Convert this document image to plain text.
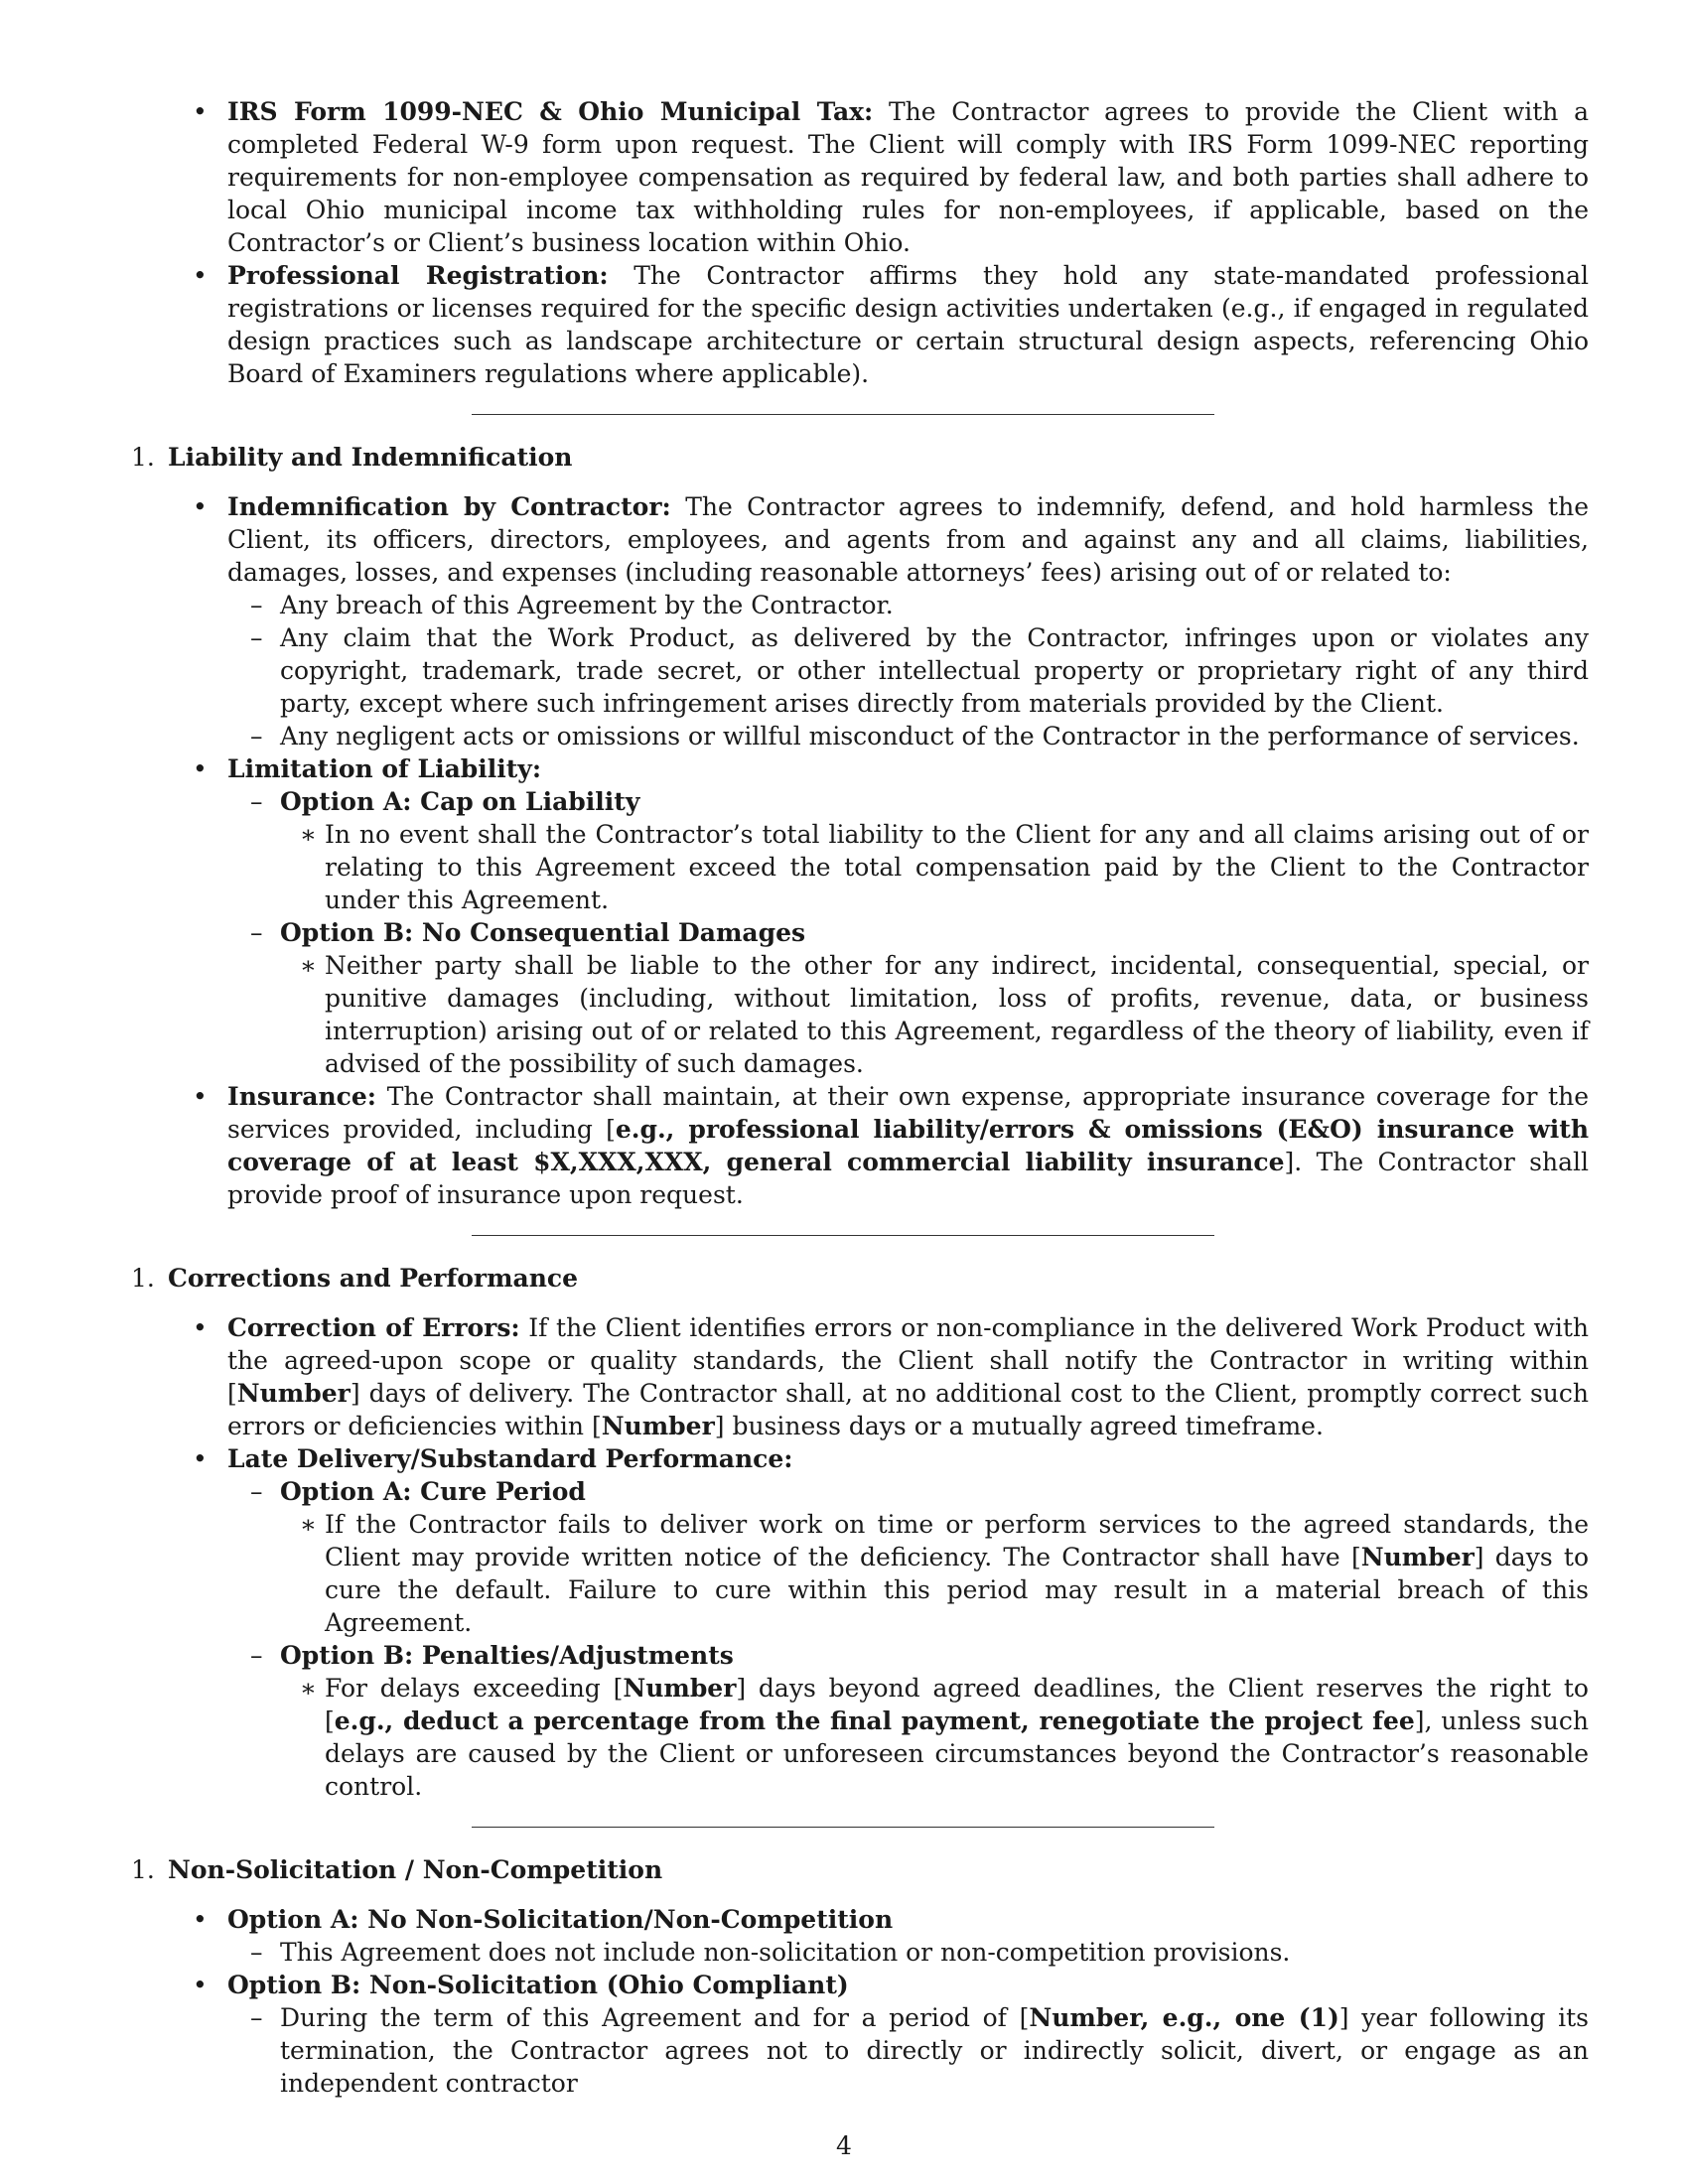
• IRS Form 1099-NEC & Ohio Municipal Tax: The Contractor agrees to provide the Client with a completed Federal W-9 form upon request. The Client will comply with IRS Form 1099-NEC reporting requirements for non-employee compensation as required by federal law, and both parties shall adhere to local Ohio municipal income tax withholding rules for non-employees, if applicable, based on the Contractor’s or Client’s business location within Ohio.
• Professional Registration: The Contractor affirms they hold any state-mandated professional registrations or licenses required for the specific design activities undertaken (e.g., if engaged in regulated design practices such as landscape architecture or certain structural design aspects, referencing Ohio Board of Examiners regulations where applicable).

1. Liability and Indemnification

• Indemnification by Contractor: The Contractor agrees to indemnify, defend, and hold harmless the Client, its officers, directors, employees, and agents from and against any and all claims, liabilities, damages, losses, and expenses (including reasonable attorneys’ fees) arising out of or related to:
– Any breach of this Agreement by the Contractor.
– Any claim that the Work Product, as delivered by the Contractor, infringes upon or violates any copyright, trademark, trade secret, or other intellectual property or proprietary right of any third party, except where such infringement arises directly from materials provided by the Client.
– Any negligent acts or omissions or willful misconduct of the Contractor in the performance of services.
• Limitation of Liability:
– Option A: Cap on Liability
∗ In no event shall the Contractor’s total liability to the Client for any and all claims arising out of or relating to this Agreement exceed the total compensation paid by the Client to the Contractor under this Agreement.
– Option B: No Consequential Damages
∗ Neither party shall be liable to the other for any indirect, incidental, consequential, special, or punitive damages (including, without limitation, loss of profits, revenue, data, or business interruption) arising out of or related to this Agreement, regardless of the theory of liability, even if advised of the possibility of such damages.
• Insurance: The Contractor shall maintain, at their own expense, appropriate insurance coverage for the services provided, including [e.g., professional liability/errors & omissions (E&O) insurance with coverage of at least $X,XXX,XXX, general commercial liability insurance]. The Contractor shall provide proof of insurance upon request.

1. Corrections and Performance

• Correction of Errors: If the Client identifies errors or non-compliance in the delivered Work Product with the agreed-upon scope or quality standards, the Client shall notify the Contractor in writing within [Number] days of delivery. The Contractor shall, at no additional cost to the Client, promptly correct such errors or deficiencies within [Number] business days or a mutually agreed timeframe.
• Late Delivery/Substandard Performance:
– Option A: Cure Period
∗ If the Contractor fails to deliver work on time or perform services to the agreed standards, the Client may provide written notice of the deficiency. The Contractor shall have [Number] days to cure the default. Failure to cure within this period may result in a material breach of this Agreement.
– Option B: Penalties/Adjustments
∗ For delays exceeding [Number] days beyond agreed deadlines, the Client reserves the right to [e.g., deduct a percentage from the final payment, renegotiate the project fee], unless such delays are caused by the Client or unforeseen circumstances beyond the Contractor’s reasonable control.

1. Non-Solicitation / Non-Competition

• Option A: No Non-Solicitation/Non-Competition
– This Agreement does not include non-solicitation or non-competition provisions.
• Option B: Non-Solicitation (Ohio Compliant)
– During the term of this Agreement and for a period of [Number, e.g., one (1)] year following its termination, the Contractor agrees not to directly or indirectly solicit, divert, or engage as an independent contractor
4
